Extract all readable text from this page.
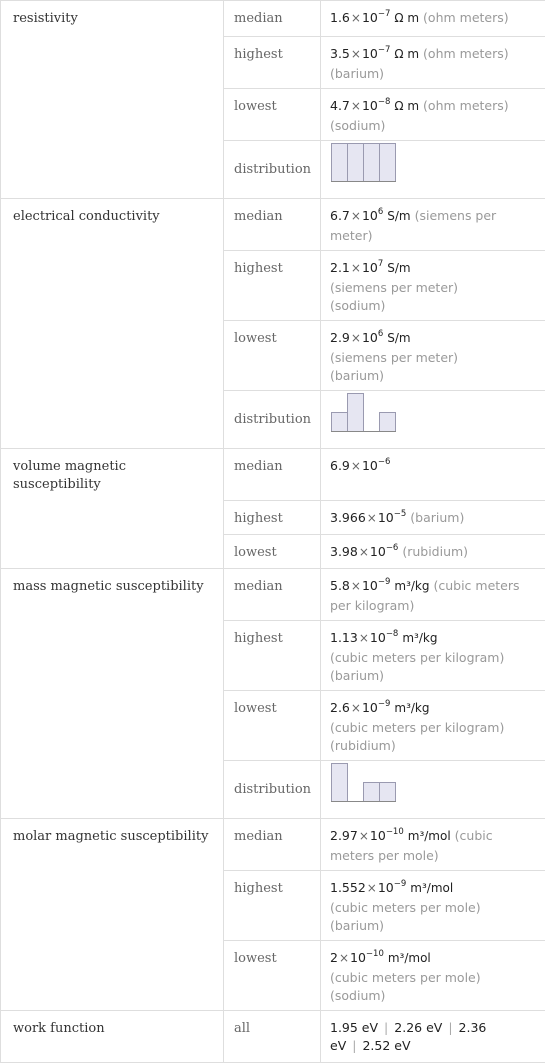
resistivity	median	$1.6\times 10^{-7}$ Ω m (ohm meters)
	highest	$3.5\times 10^{-7}$ Ω m (ohm meters) (barium)
	lowest	$4.7\times 10^{-8}$ Ω m (ohm meters) (sodium)
	distribution	

electrical conductivity	median	$6.7\times 10^6$ S/m (siemens per meter)
	highest	$2.1\times 10^7$ S/m
(siemens per meter)
(sodium)
	lowest	$2.9\times 10^6$ S/m
(siemens per meter)
(barium)
	distribution	

volume magnetic susceptibility	median	$6.9\times 10^{-6}$
	highest	$3.966\times 10^{-5}$ (barium)
	lowest	$3.98\times 10^{-6}$ (rubidium)
mass magnetic susceptibility	median	$5.8\times 10^{-9}$ m³/kg (cubic meters per kilogram)
	highest	$1.13\times 10^{-8}$ m³/kg
(cubic meters per kilogram)
(barium)
	lowest	$2.6\times 10^{-9}$ m³/kg
(cubic meters per kilogram)
(rubidium)
	distribution	

molar magnetic susceptibility	median	$2.97\times 10^{-10}$ m³/mol (cubic meters per mole)
	highest	$1.552\times 10^{-9}$ m³/mol
(cubic meters per mole)
(barium)
	lowest	$2\times 10^{-10}$ m³/mol
(cubic meters per mole)
(sodium)
work function	all	1.95 eV | 2.26 eV | 2.36 eV | 2.52 eV
